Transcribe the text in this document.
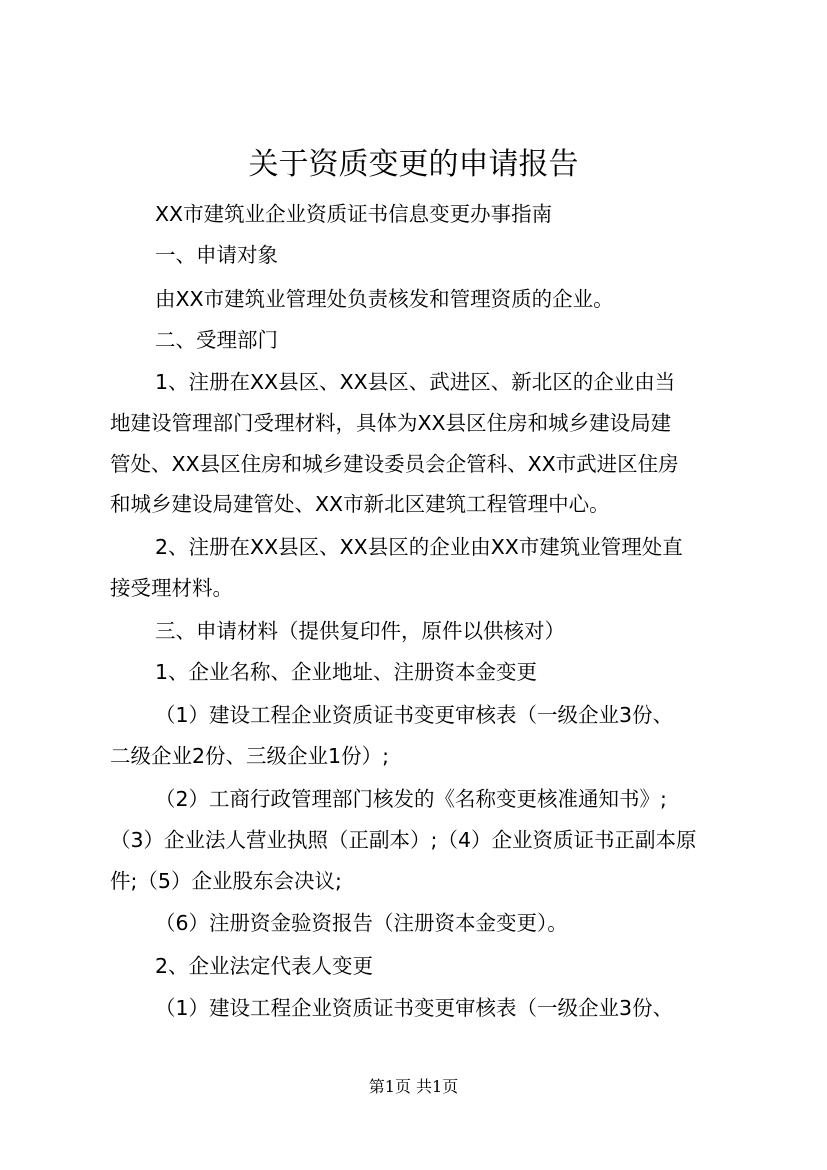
关于资质变更的申请报告

XX市建筑业企业资质证书信息变更办事指南

一、申请对象

由XX市建筑业管理处负责核发和管理资质的企业。

二、受理部门

1、注册在XX县区、XX县区、武进区、新北区的企业由当

地建设管理部门受理材料，具体为XX县区住房和城乡建设局建

管处、XX县区住房和城乡建设委员会企管科、XX市武进区住房

和城乡建设局建管处、XX市新北区建筑工程管理中心。

2、注册在XX县区、XX县区的企业由XX市建筑业管理处直

接受理材料。

三、申请材料（提供复印件，原件以供核对）

1、企业名称、企业地址、注册资本金变更

（1）建设工程企业资质证书变更审核表（一级企业3份、

二级企业2份、三级企业1份）;

（2）工商行政管理部门核发的《名称变更核准通知书》;

（3）企业法人营业执照（正副本）;（4）企业资质证书正副本原

件;（5）企业股东会决议;

（6）注册资金验资报告（注册资本金变更）。

2、企业法定代表人变更

（1）建设工程企业资质证书变更审核表（一级企业3份、

第1页 共1页
